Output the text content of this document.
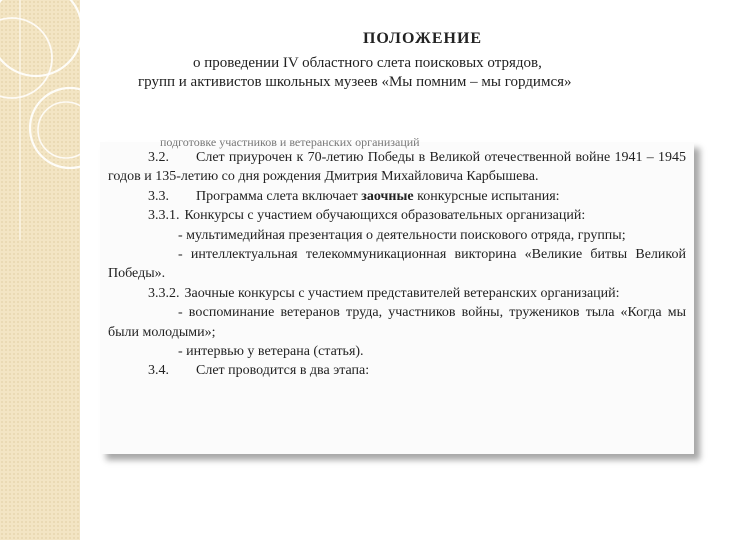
ПОЛОЖЕНИЕ

о проведении IV областного слета поисковых отрядов,
групп и активистов школьных музеев «Мы помним – мы гордимся»

подготовке участников и ветеранских организаций

3.2. Слет приурочен к 70-летию Победы в Великой отечественной войне 1941 – 1945 годов и 135-летию со дня рождения Дмитрия Михайловича Карбышева.

3.3. Программа слета включает заочные конкурсные испытания:

3.3.1. Конкурсы с участием обучающихся образовательных организаций:

- мультимедийная презентация о деятельности поискового отряда, группы;

- интеллектуальная телекоммуникационная викторина «Великие битвы Великой Победы».

3.3.2. Заочные конкурсы с участием представителей ветеранских организаций:

- воспоминание ветеранов труда, участников войны, тружеников тыла «Когда мы были молодыми»;

- интервью у ветерана (статья).

3.4. Слет проводится в два этапа:
